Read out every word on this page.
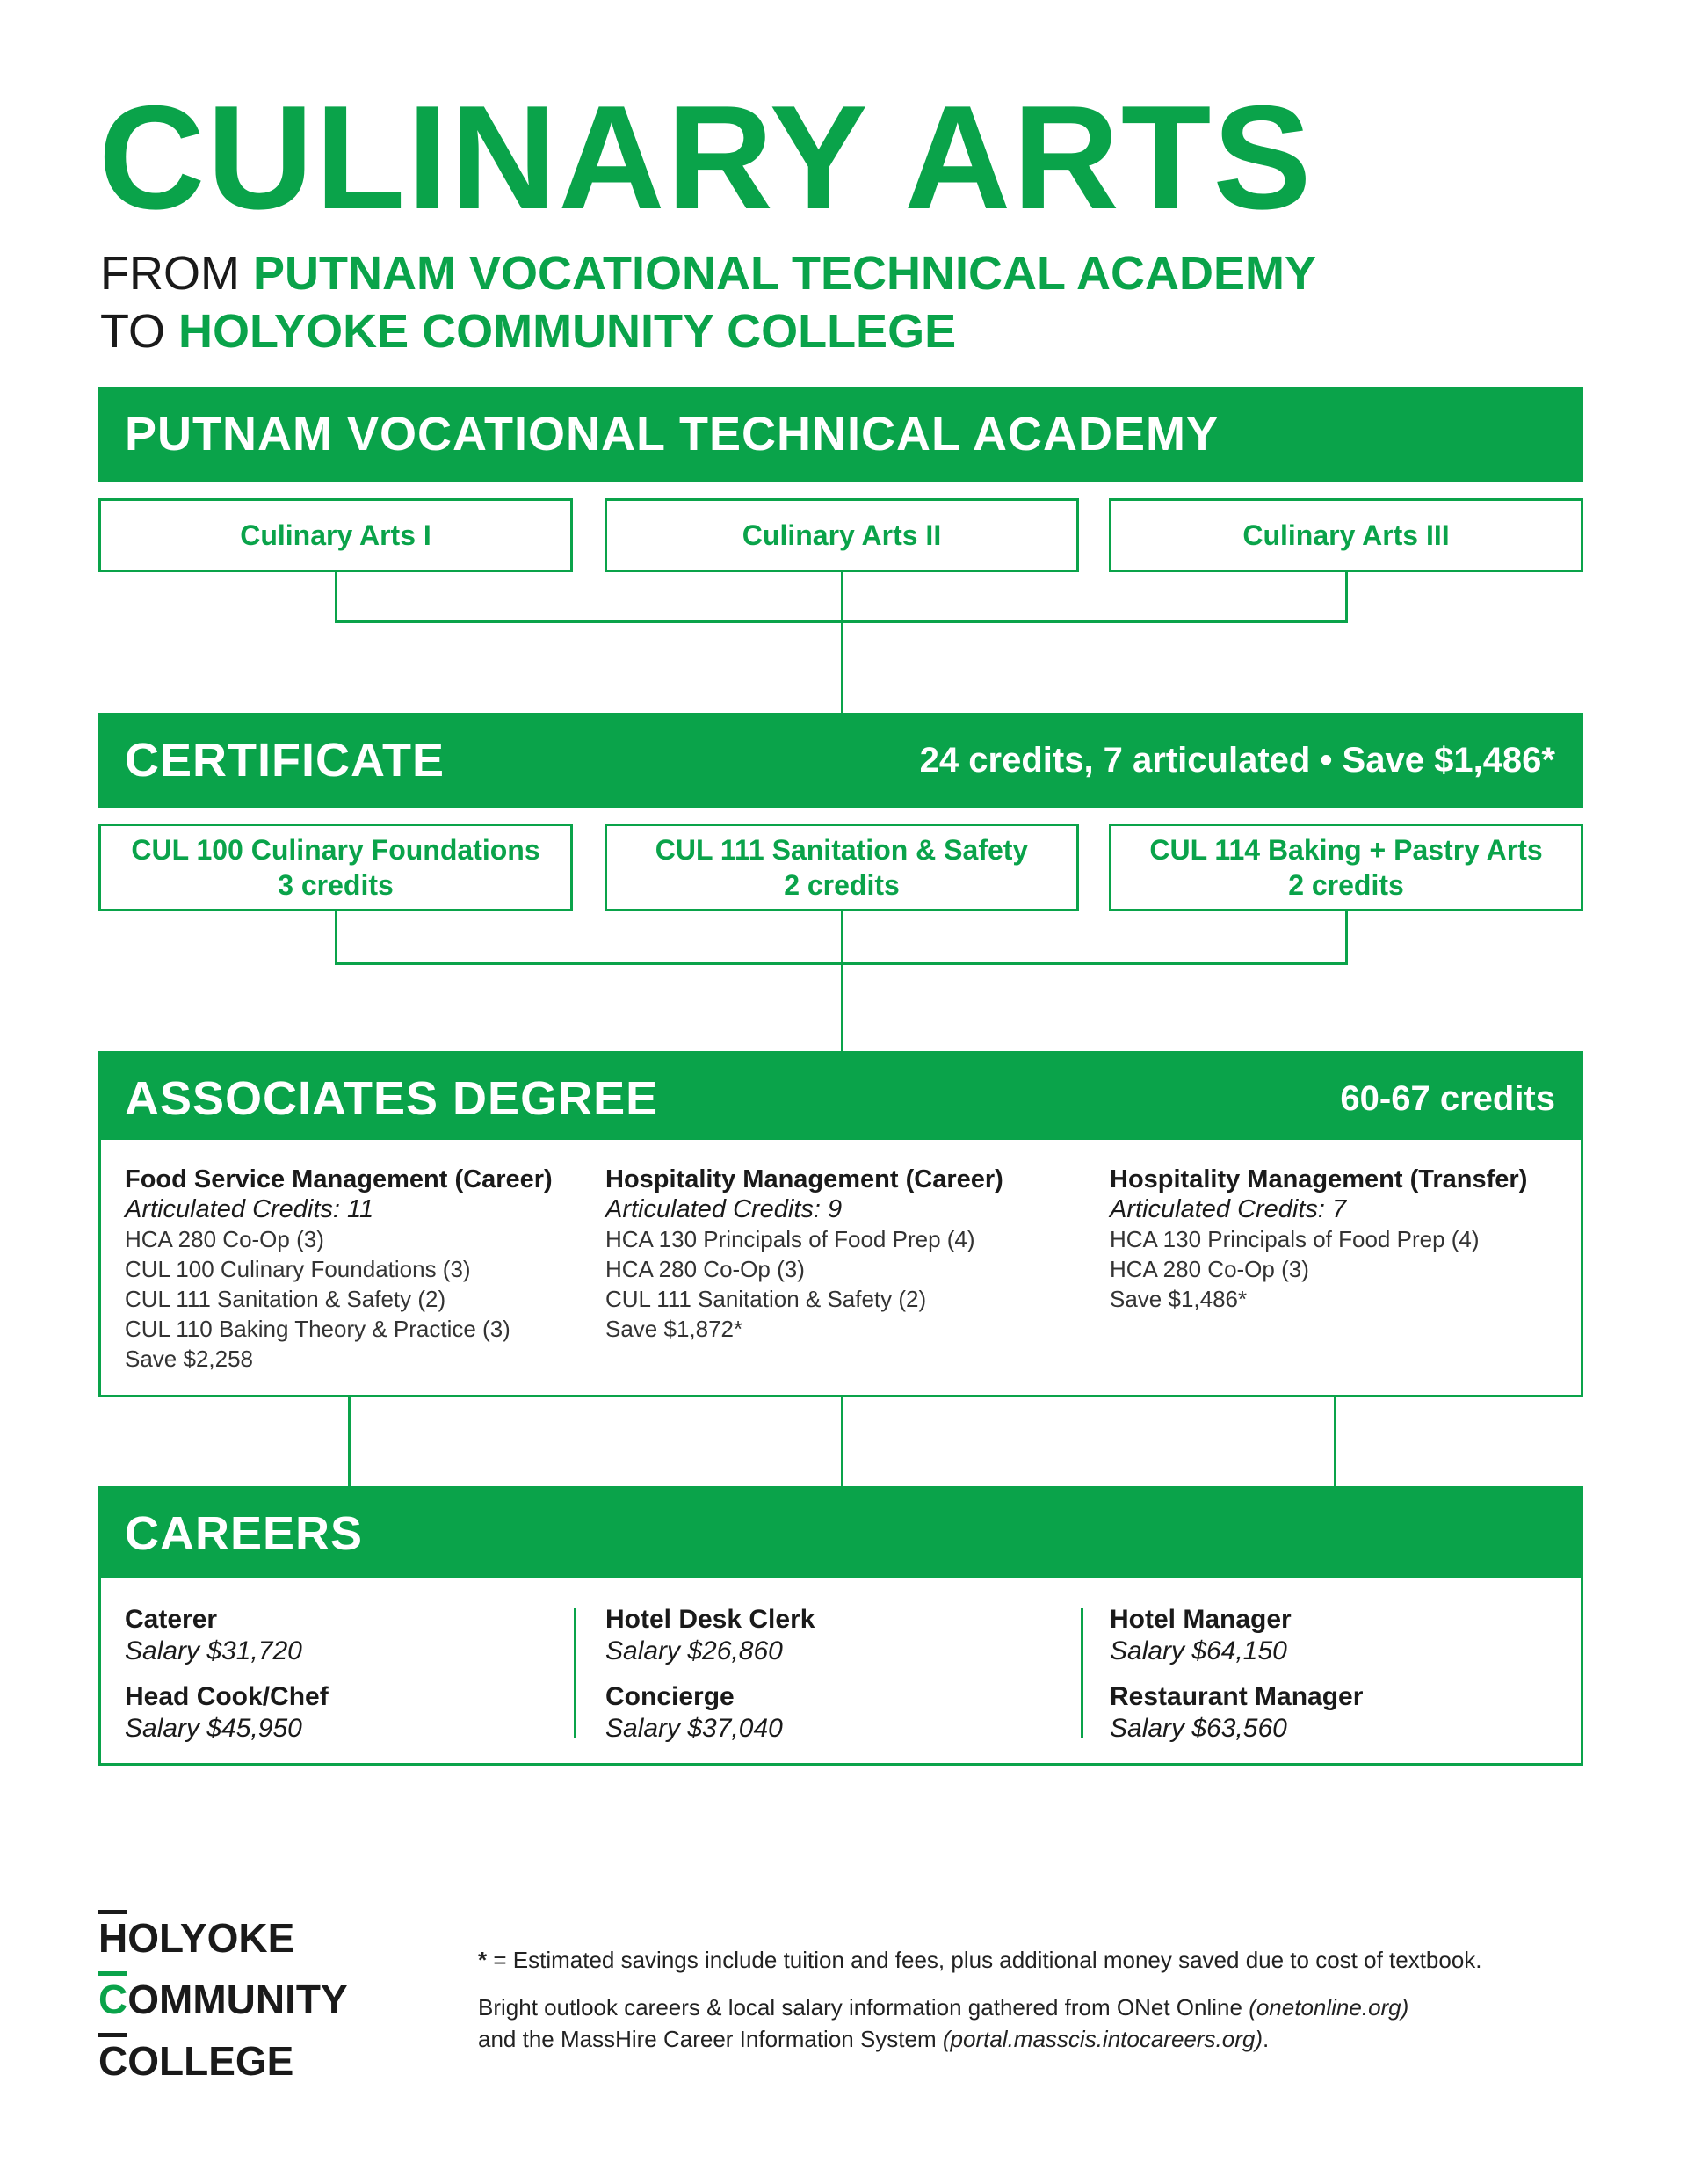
CULINARY ARTS
FROM PUTNAM VOCATIONAL TECHNICAL ACADEMY
TO HOLYOKE COMMUNITY COLLEGE
PUTNAM VOCATIONAL TECHNICAL ACADEMY
Culinary Arts I	Culinary Arts II	Culinary Arts III
CERTIFICATE	24 credits, 7 articulated • Save $1,486*
CUL 100 Culinary Foundations
3 credits
CUL 111 Sanitation & Safety
2 credits
CUL 114 Baking + Pastry Arts
2 credits
ASSOCIATES DEGREE	60-67 credits
Food Service Management (Career)
Articulated Credits: 11
HCA 280 Co-Op (3)
CUL 100 Culinary Foundations (3)
CUL 111 Sanitation & Safety (2)
CUL 110 Baking Theory & Practice (3)
Save $2,258
Hospitality Management (Career)
Articulated Credits: 9
HCA 130 Principals of Food Prep (4)
HCA 280 Co-Op (3)
CUL 111 Sanitation & Safety (2)
Save $1,872*
Hospitality Management (Transfer)
Articulated Credits: 7
HCA 130 Principals of Food Prep (4)
HCA 280 Co-Op (3)
Save $1,486*
CAREERS
Caterer
Salary $31,720
Head Cook/Chef
Salary $45,950
Hotel Desk Clerk
Salary $26,860
Concierge
Salary $37,040
Hotel Manager
Salary $64,150
Restaurant Manager
Salary $63,560
HOLYOKE
COMMUNITY
COLLEGE
* = Estimated savings include tuition and fees, plus additional money saved due to cost of textbook.
Bright outlook careers & local salary information gathered from ONet Online (onetonline.org)
and the MassHire Career Information System (portal.masscis.intocareers.org).
